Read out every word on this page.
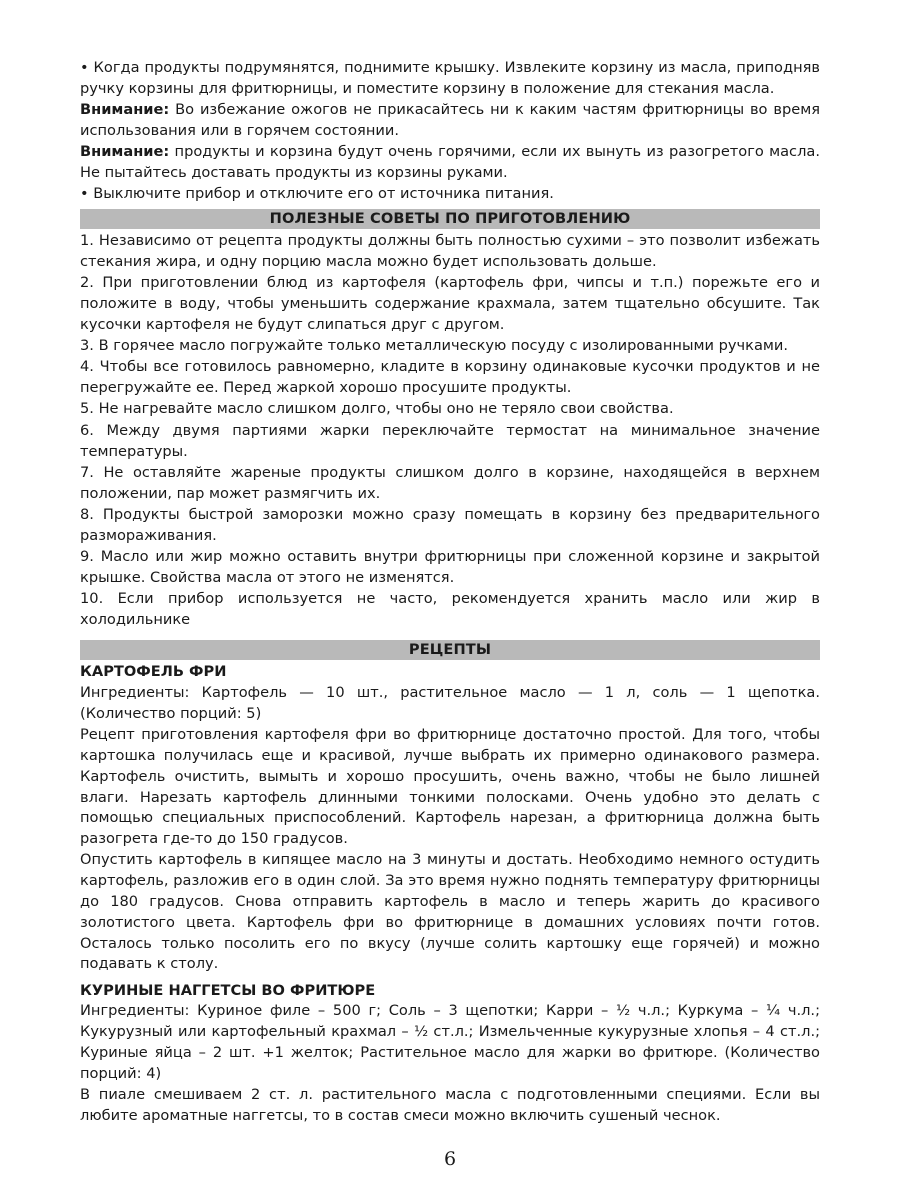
• Когда продукты подрумянятся, поднимите крышку. Извлеките корзину из масла, приподняв ручку корзины для фритюрницы, и поместите корзину в положение для стекания масла.

Внимание: Во избежание ожогов не прикасайтесь ни к каким частям фритюрницы во время использования или в горячем состоянии.

Внимание: продукты и корзина будут очень горячими, если их вынуть из разогретого масла. Не пытайтесь доставать продукты из корзины руками.

• Выключите прибор и отключите его от источника питания.

ПОЛЕЗНЫЕ СОВЕТЫ ПО ПРИГОТОВЛЕНИЮ

1. Независимо от рецепта продукты должны быть полностью сухими – это позволит избежать стекания жира, и одну порцию масла можно будет использовать дольше.

2. При приготовлении блюд из картофеля (картофель фри, чипсы и т.п.) порежьте его и положите в воду, чтобы уменьшить содержание крахмала, затем тщательно обсушите. Так кусочки картофеля не будут слипаться друг с другом.

3. В горячее масло погружайте только металлическую посуду с изолированными ручками.

4. Чтобы все готовилось равномерно, кладите в корзину одинаковые кусочки продуктов и не перегружайте ее. Перед жаркой хорошо просушите продукты.

5. Не нагревайте масло слишком долго, чтобы оно не теряло свои свойства.

6. Между двумя партиями жарки переключайте термостат на минимальное значение температуры.

7. Не оставляйте жареные продукты слишком долго в корзине, находящейся в верхнем положении, пар может размягчить их.

8. Продукты быстрой заморозки можно сразу помещать в корзину без предварительного размораживания.

9. Масло или жир можно оставить внутри фритюрницы при сложенной корзине и закрытой крышке. Свойства масла от этого не изменятся.

10. Если прибор используется не часто, рекомендуется хранить масло или жир в холодильнике

РЕЦЕПТЫ

КАРТОФЕЛЬ ФРИ

Ингредиенты: Картофель — 10 шт., растительное масло — 1 л, соль — 1 щепотка. (Количество порций: 5)

Рецепт приготовления картофеля фри во фритюрнице достаточно простой. Для того, чтобы картошка получилась еще и красивой, лучше выбрать их примерно одинакового размера. Картофель очистить, вымыть и хорошо просушить, очень важно, чтобы не было лишней влаги. Нарезать картофель длинными тонкими полосками. Очень удобно это делать с помощью специальных приспособлений. Картофель нарезан, а фритюрница должна быть разогрета где-то до 150 градусов.

Опустить картофель в кипящее масло на 3 минуты и достать. Необходимо немного остудить картофель, разложив его в один слой. За это время нужно поднять температуру фритюрницы до 180 градусов. Снова отправить картофель в масло и теперь жарить до красивого золотистого цвета. Картофель фри во фритюрнице в домашних условиях почти готов. Осталось только посолить его по вкусу (лучше солить картошку еще горячей) и можно подавать к столу.

КУРИНЫЕ НАГГЕТСЫ ВО ФРИТЮРЕ

Ингредиенты: Куриное филе – 500 г; Соль – 3 щепотки; Карри – ½ ч.л.; Куркума – ¼ ч.л.; Кукурузный или картофельный крахмал – ½ ст.л.; Измельченные кукурузные хлопья – 4 ст.л.; Куриные яйца – 2 шт. +1 желток; Растительное масло для жарки во фритюре. (Количество порций: 4)

В пиале смешиваем 2 ст. л. растительного масла с подготовленными специями. Если вы любите ароматные наггетсы, то в состав смеси можно включить сушеный чеснок.

6
